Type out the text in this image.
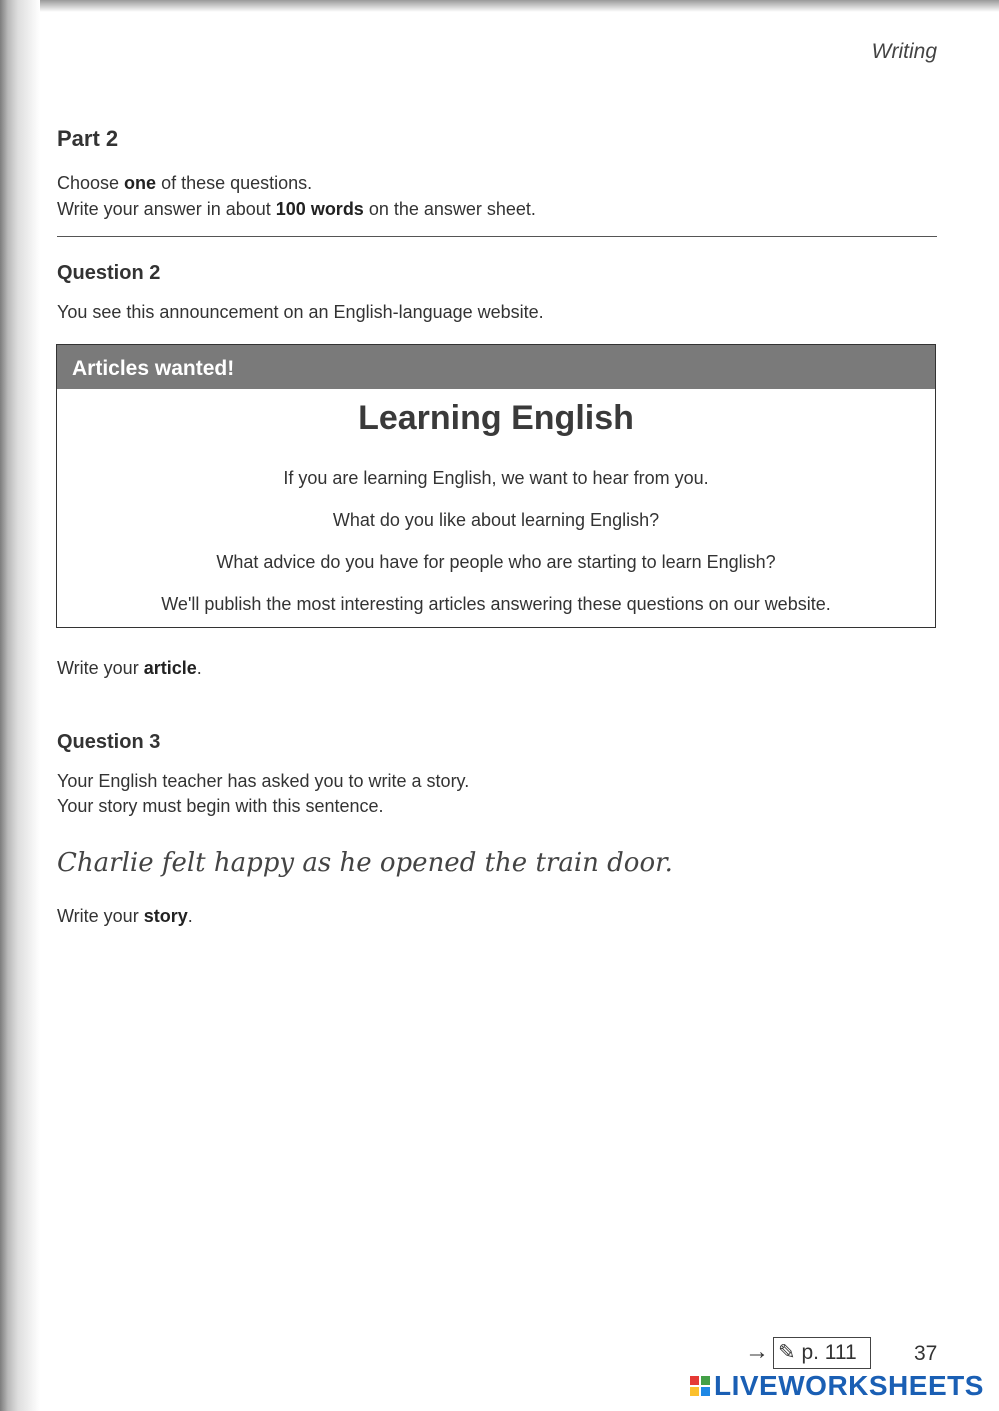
Writing
Part 2
Choose one of these questions.
Write your answer in about 100 words on the answer sheet.
Question 2
You see this announcement on an English-language website.
Articles wanted!
Learning English
If you are learning English, we want to hear from you.
What do you like about learning English?
What advice do you have for people who are starting to learn English?
We'll publish the most interesting articles answering these questions on our website.
Write your article.
Question 3
Your English teacher has asked you to write a story.
Your story must begin with this sentence.
Charlie felt happy as he opened the train door.
Write your story.
→ ✎ p. 111	37
LIVEWORKSHEETS
